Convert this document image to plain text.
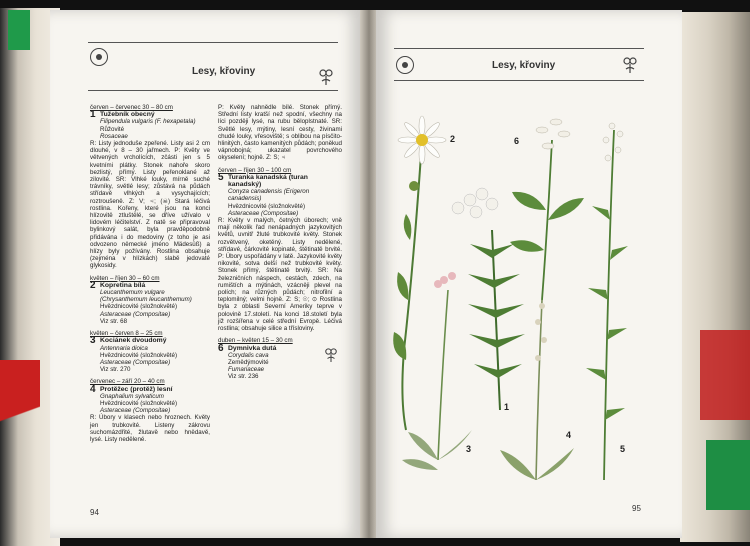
Lesy, křoviny
červen – červenec 30 – 80 cm
1 Tužebník obecný
Filipendula vulgaris (F. hexapetala)
Růžovité
Rosaceae
R: Listy jednoduše zpeřené. Listy asi 2 cm dlouhé, v 8 – 30 jařmech. P: Květy ve větvených vrcholících, zčásti jen s 5 kvetními plátky. Stonek nahoře skoro bezlistý, přímý. Listy peřenoklané až zilovité. SR: Vlhké louky, mírně suché trávníky, světlé lesy; zůstává na půdách střídavě vlhkých a vysychajících; roztroušeně. Z: V; ♃; (☠) Stará léčivá rostlina. Kořeny, které jsou na konci hlízovitě ztluštělé, se dříve užívalo v lidovém léčitelství. Z natě se připravoval bylinkový salát, byla pravděpodobně přidávána i do medoviny (z toho je asi odvozeno německé jméno Mädesüß) a hlízy byly požívány. Rostlina obsahuje (zejména v hlízkách) slabě jedovaté glykosidy.
květen – říjen 30 – 60 cm
2 Kopretina bílá
Leucanthemum vulgare (Chrysanthemum leucanthemum)
Hvězdnicovité (složnokvěté)
Asteraceae (Compositae)
Viz str. 68
květen – červen 8 – 25 cm
3 Kociánek dvoudomý
Antennaria dioica
Hvězdnicovité (složnokvěté)
Asteraceae (Compositae)
Viz str. 270
červenec – září 20 – 40 cm
4 Protěžec (protěž) lesní
Gnaphalium sylvaticum
Hvězdnicovité (složnokvěté)
Asteraceae (Compositae)
R: Úbory v klasech nebo hroznech. Květy jen trubkovité. Listeny zákrovu suchomázdřité, žlutavě nebo hnědavě, lysé. Listy nedělené.
P: Květy nahnědle bílé. Stonek přímý. Střední listy kratší než spodní, všechny na líci později lysé, na rubu běloplstnaté. SR: Světlé lesy, mýtiny, lesní cesty, živinami chudé louky, vřesoviště; s oblibou na písčito-hlinitých, často kamenitých půdách; poněkud vápnobojná; ukazatel povrchového okyselení; hojně. Z: S; ♃
červen – říjen 30 – 100 cm
5 Turanka kanadská (turan kanadský)
Conyza canadensis (Erigeron canadensis)
Hvězdnicovité (složnokvěté)
Asteraceae (Compositae)
R: Květy v malých, četných úborech; vně mají několik řad nenápadných jazykovitých květů, uvnitř žluté trubkovité květy. Stonek rozvětvený, oketěný. Listy nedělené, střídavé, čárkovité kopinaté, štětinatě brvité. P: Úbory uspořádány v latě. Jazykovité květy nikovité, sotva delší než trubkovité květy. Stonek přímý, štětinatě brvitý. SR: Na železničních náspech, cestách, zdech, na rumištích a mýtinách, vzácněji plevel na polích; na různých půdách; nitrofilní a teplomilný; velmi hojně. Z: S; ☉; ⊙ Rostlina byla z oblasti Severní Ameriky teprve v polovině 17.století. Na konci 18.století byla již rozšířena v celé střední Evropě. Léčivá rostlina; obsahuje silice a třísloviny.
duben – květen 15 – 30 cm
6 Dymnivka dutá
Corydalis cava
Zemědýmovité
Fumariaceae
Viz str. 236
94
Lesy, křoviny
95
2	6
1
3
4
5
